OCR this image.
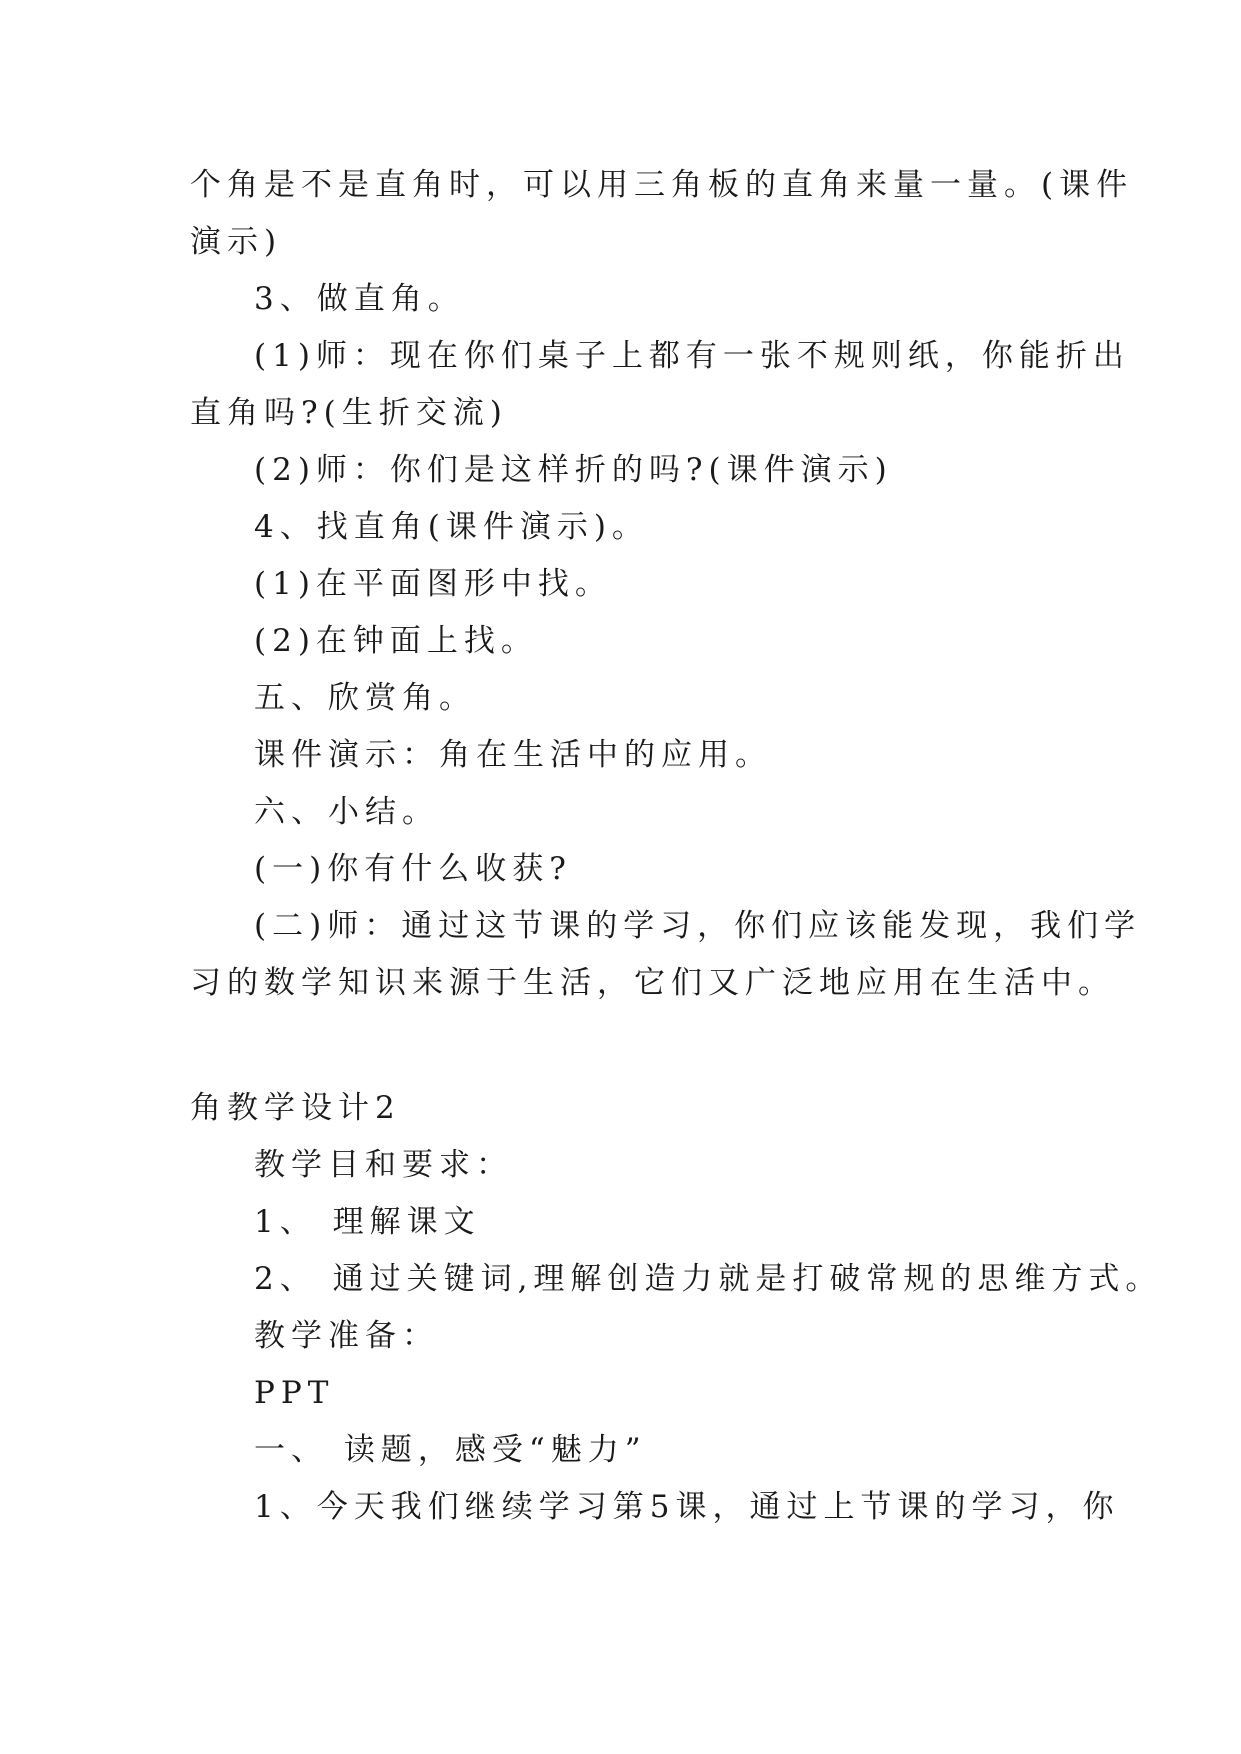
个角是不是直角时，可以用三角板的直角来量一量。(课件
演示)
3、做直角。
(1)师：现在你们桌子上都有一张不规则纸，你能折出
直角吗?(生折交流)
(2)师：你们是这样折的吗?(课件演示)
4、找直角(课件演示)。
(1)在平面图形中找。
(2)在钟面上找。
五、欣赏角。
课件演示：角在生活中的应用。
六、小结。
(一)你有什么收获?
(二)师：通过这节课的学习，你们应该能发现，我们学
习的数学知识来源于生活，它们又广泛地应用在生活中。
角教学设计2
教学目和要求：
1、 理解课文
2、 通过关键词,理解创造力就是打破常规的思维方式。
教学准备：
PPT
一、 读题，感受“魅力”
1、今天我们继续学习第5课，通过上节课的学习，你
